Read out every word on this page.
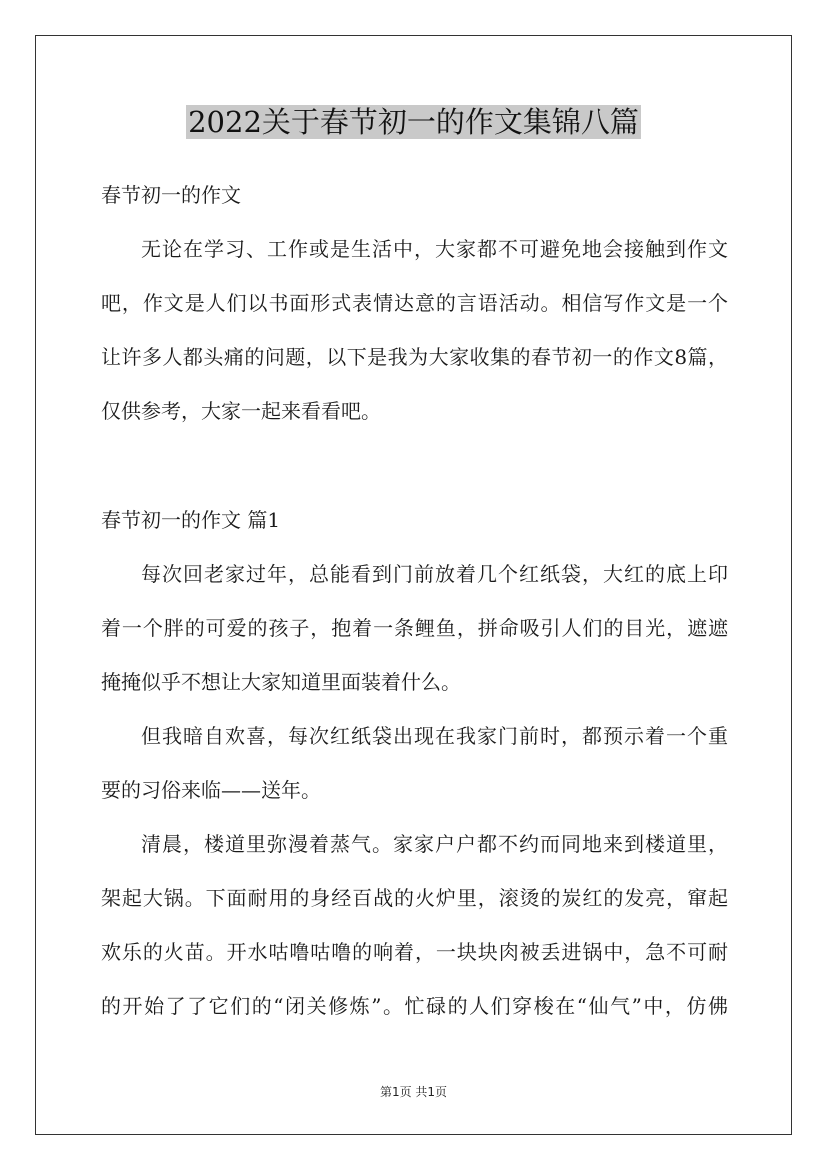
2022关于春节初一的作文集锦八篇

春节初一的作文

无论在学习、工作或是生活中，大家都不可避免地会接触到作文

吧，作文是人们以书面形式表情达意的言语活动。相信写作文是一个

让许多人都头痛的问题，以下是我为大家收集的春节初一的作文8篇，

仅供参考，大家一起来看看吧。

春节初一的作文 篇1

每次回老家过年，总能看到门前放着几个红纸袋，大红的底上印

着一个胖的可爱的孩子，抱着一条鲤鱼，拼命吸引人们的目光，遮遮

掩掩似乎不想让大家知道里面装着什么。

但我暗自欢喜，每次红纸袋出现在我家门前时，都预示着一个重

要的习俗来临——送年。

清晨，楼道里弥漫着蒸气。家家户户都不约而同地来到楼道里，

架起大锅。下面耐用的身经百战的火炉里，滚烫的炭红的发亮，窜起

欢乐的火苗。开水咕噜咕噜的响着，一块块肉被丢进锅中，急不可耐

的开始了了它们的“闭关修炼”。忙碌的人们穿梭在“仙气”中，仿佛

第1页 共1页
